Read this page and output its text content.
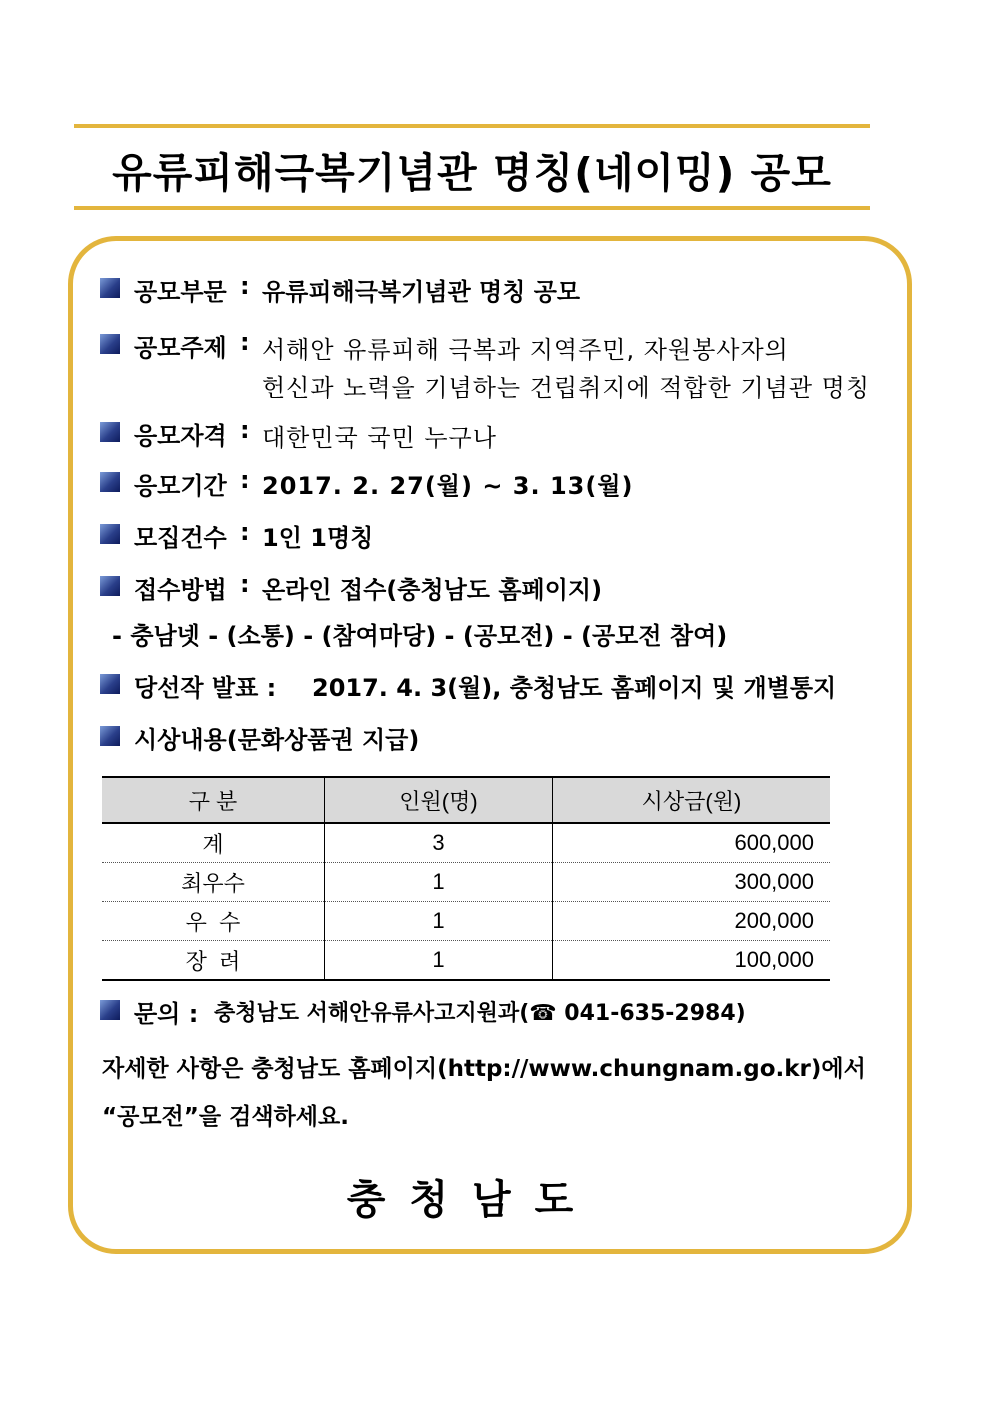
유류피해극복기념관 명칭(네이밍) 공모
공모부문 : 유류피해극복기념관 명칭 공모
공모주제 : 서해안 유류피해 극복과 지역주민, 자원봉사자의
헌신과 노력을 기념하는 건립취지에 적합한 기념관 명칭
응모자격 : 대한민국 국민 누구나
응모기간 : 2017. 2. 27(월) ~ 3. 13(월)
모집건수 : 1인 1명칭
접수방법 : 온라인 접수(충청남도 홈페이지)
- 충남넷 - (소통) - (참여마당) - (공모전) - (공모전 참여)
당선작 발표 : 2017. 4. 3(월), 충청남도 홈페이지 및 개별통지
시상내용(문화상품권 지급)
구 분	인원(명)	시상금(원)
계	3	600,000
최우수	1	300,000
우  수	1	200,000
장  려	1	100,000
문의 : 충청남도 서해안유류사고지원과(☎ 041-635-2984)
자세한 사항은 충청남도 홈페이지(http://www.chungnam.go.kr)에서
“공모전”을 검색하세요.
충청남도
